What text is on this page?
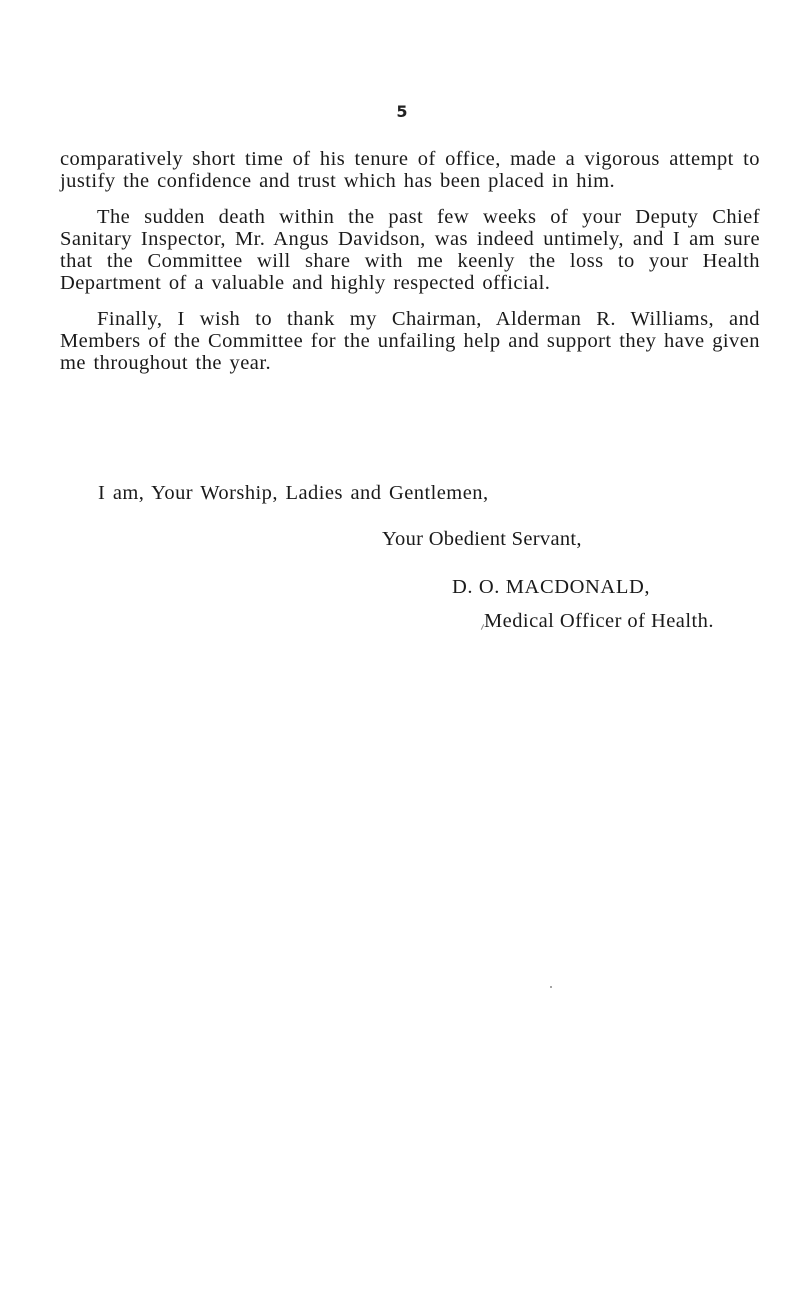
5

comparatively short time of his tenure of office, made a vigorous attempt to justify the confidence and trust which has been placed in him.

The sudden death within the past few weeks of your Deputy Chief Sanitary Inspector, Mr. Angus Davidson, was indeed untimely, and I am sure that the Committee will share with me keenly the loss to your Health Department of a valuable and highly respected official.

Finally, I wish to thank my Chairman, Alderman R. Williams, and Members of the Committee for the unfailing help and support they have given me throughout the year.

I am, Your Worship, Ladies and Gentlemen,
Your Obedient Servant,
D. O. MACDONALD,
Medical Officer of Health.
